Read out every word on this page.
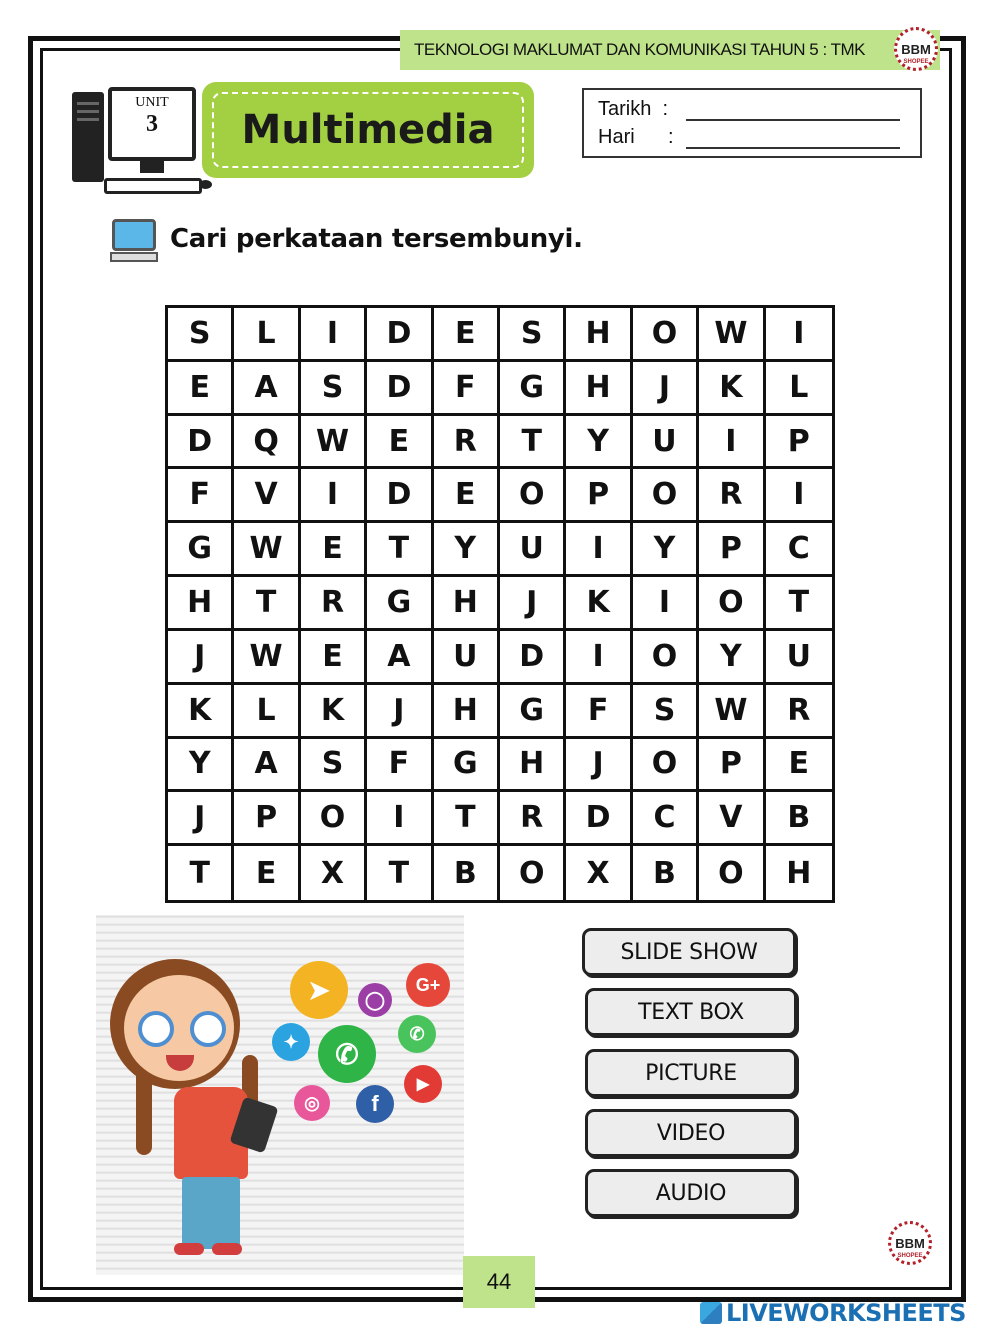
TEKNOLOGI MAKLUMAT DAN KOMUNIKASI TAHUN 5 : TMK	BBM
SHOPEE
UNIT
3	Multimedia	Tarikh :
Hari :
Cari perkataan tersembunyi.
S	L	I	D	E	S	H	O	W	I
E	A	S	D	F	G	H	J	K	L
D	Q	W	E	R	T	Y	U	I	P
F	V	I	D	E	O	P	O	R	I
G	W	E	T	Y	U	I	Y	P	C
H	T	R	G	H	J	K	I	O	T
J	W	E	A	U	D	I	O	Y	U
K	L	K	J	H	G	F	S	W	R
Y	A	S	F	G	H	J	O	P	E
J	P	O	I	T	R	D	C	V	B
T	E	X	T	B	O	X	B	O	H
➤	◯
G+
✦	✆
✆
◎	f
▶
SLIDE SHOW
TEXT BOX
PICTURE
VIDEO
AUDIO
BBM
SHOPEE
44
LIVEWORKSHEETS
